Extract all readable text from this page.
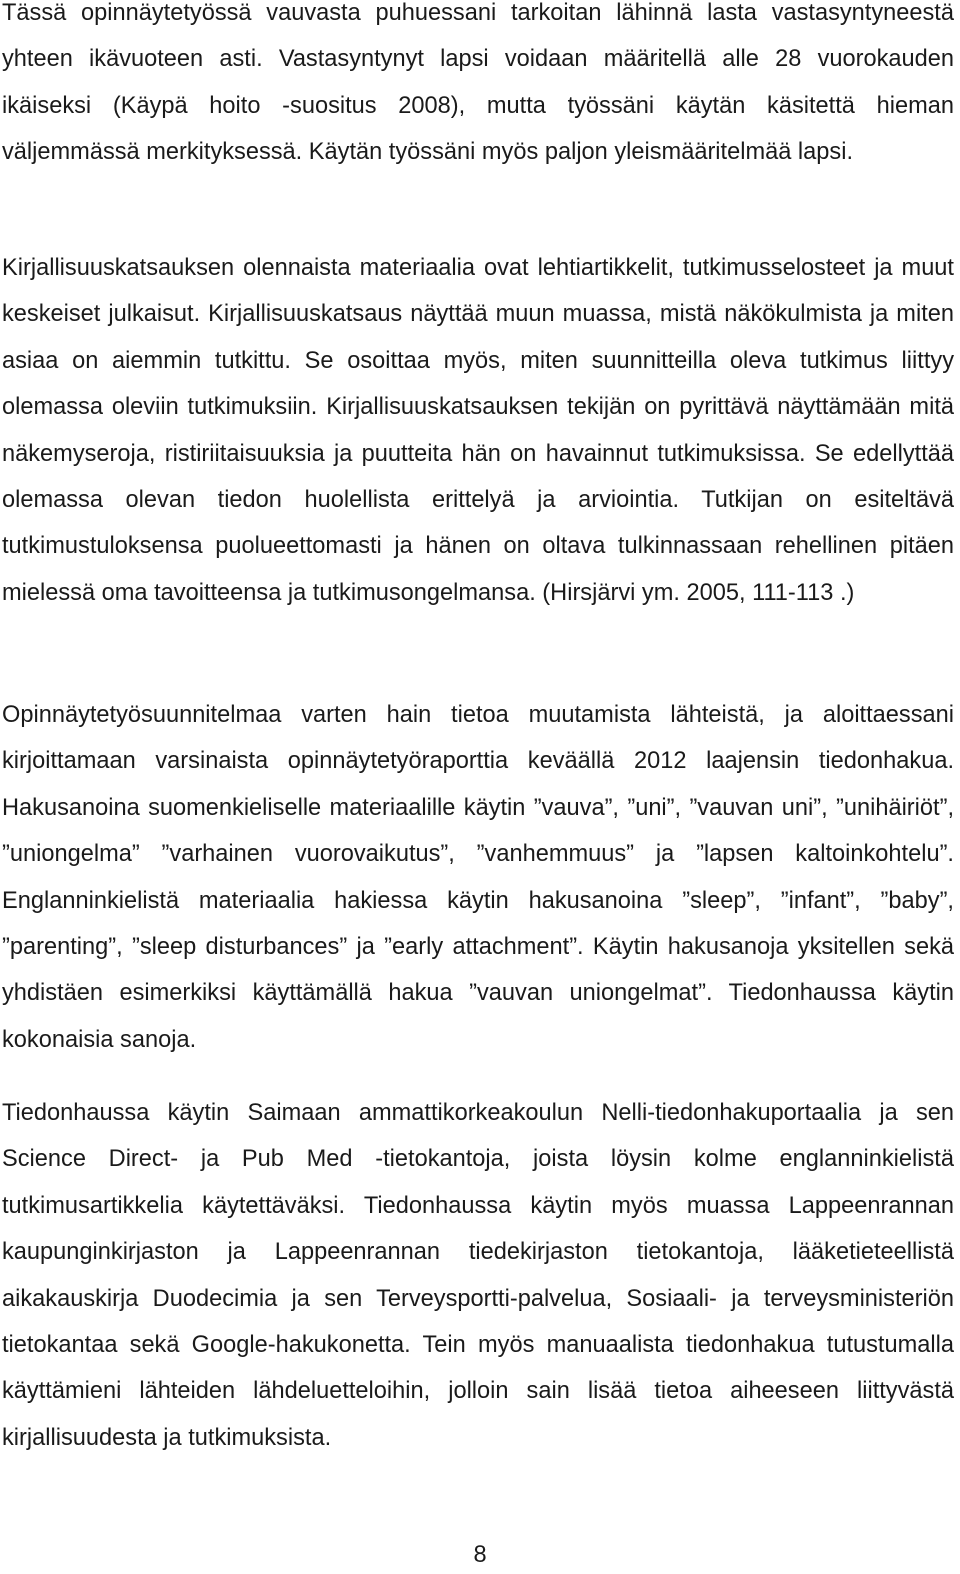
Tässä opinnäytetyössä vauvasta puhuessani tarkoitan lähinnä lasta vastasyntyneestä yhteen ikävuoteen asti. Vastasyntynyt lapsi voidaan määritellä alle 28 vuorokauden ikäiseksi (Käypä hoito -suositus 2008), mutta työssäni käytän käsitettä hieman väljemmässä merkityksessä. Käytän työssäni myös paljon yleismääritelmää lapsi.

Kirjallisuuskatsauksen olennaista materiaalia ovat lehtiartikkelit, tutkimusselosteet ja muut keskeiset julkaisut. Kirjallisuuskatsaus näyttää muun muassa, mistä näkökulmista ja miten asiaa on aiemmin tutkittu. Se osoittaa myös, miten suunnitteilla oleva tutkimus liittyy olemassa oleviin tutkimuksiin. Kirjallisuuskatsauksen tekijän on pyrittävä näyttämään mitä näkemyseroja, ristiriitaisuuksia ja puutteita hän on havainnut tutkimuksissa. Se edellyttää olemassa olevan tiedon huolellista erittelyä ja arviointia. Tutkijan on esiteltävä tutkimustuloksensa puolueettomasti ja hänen on oltava tulkinnassaan rehellinen pitäen mielessä oma tavoitteensa ja tutkimusongelmansa. (Hirsjärvi ym. 2005, 111-113 .)

Opinnäytetyösuunnitelmaa varten hain tietoa muutamista lähteistä, ja aloittaessani kirjoittamaan varsinaista opinnäytetyöraporttia keväällä 2012 laajensin tiedonhakua. Hakusanoina suomenkieliselle materiaalille käytin ”vauva”, ”uni”, ”vauvan uni”, ”unihäiriöt”, ”uniongelma” ”varhainen vuorovaikutus”, ”vanhemmuus” ja ”lapsen kaltoinkohtelu”. Englanninkielistä materiaalia hakiessa käytin hakusanoina ”sleep”, ”infant”, ”baby”, ”parenting”, ”sleep disturbances” ja ”early attachment”. Käytin hakusanoja yksitellen sekä yhdistäen esimerkiksi käyttämällä hakua ”vauvan uniongelmat”. Tiedonhaussa käytin kokonaisia sanoja.

Tiedonhaussa käytin Saimaan ammattikorkeakoulun Nelli-tiedonhakuportaalia ja sen Science Direct- ja Pub Med -tietokantoja, joista löysin kolme englanninkielistä tutkimusartikkelia käytettäväksi. Tiedonhaussa käytin myös muassa Lappeenrannan kaupunginkirjaston ja Lappeenrannan tiedekirjaston tietokantoja, lääketieteellistä aikakauskirja Duodecimia ja sen Terveysportti-palvelua, Sosiaali- ja terveysministeriön tietokantaa sekä Google-hakukonetta. Tein myös manuaalista tiedonhakua tutustumalla käyttämieni lähteiden lähdeluetteloihin, jolloin sain lisää tietoa aiheeseen liittyvästä kirjallisuudesta ja tutkimuksista.

8
